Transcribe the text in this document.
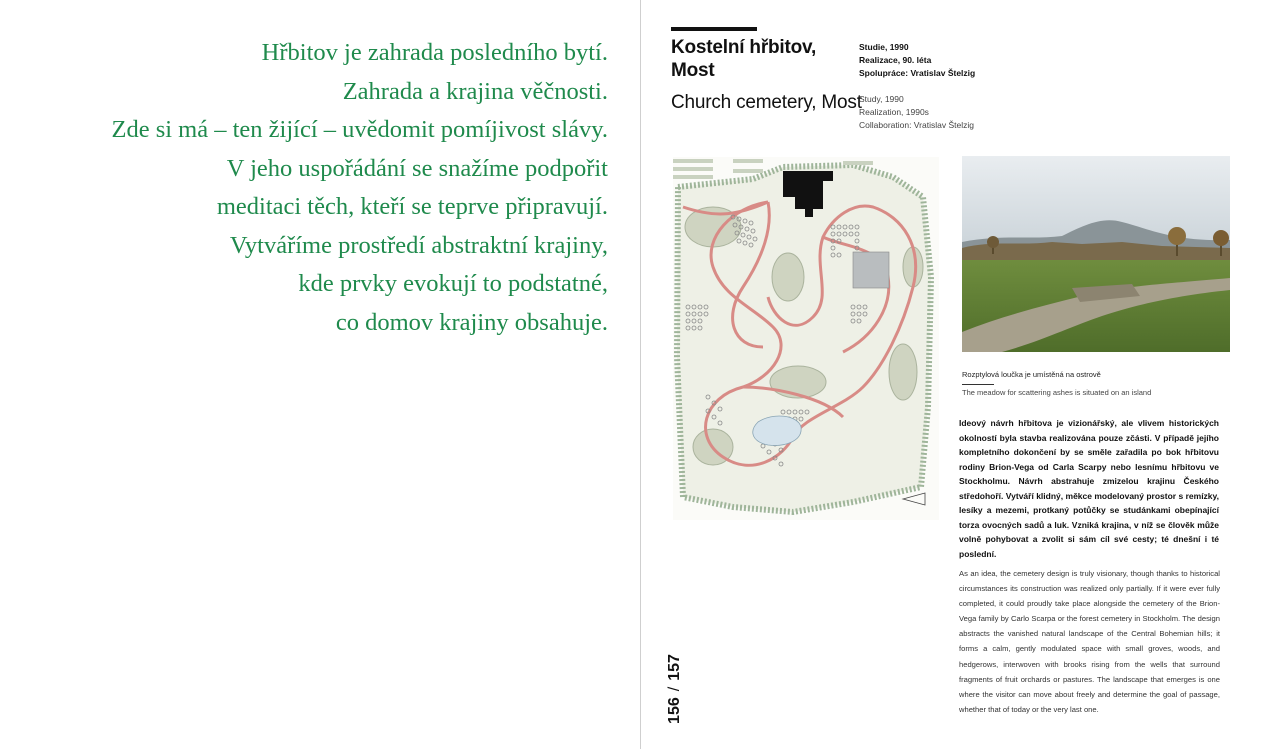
Hřbitov je zahrada posledního bytí.
Zahrada a krajina věčnosti.
Zde si má – ten žijící – uvědomit pomíjivost slávy.
V jeho uspořádání se snažíme podpořit
meditaci těch, kteří se teprve připravují.
Vytváříme prostředí abstraktní krajiny,
kde prvky evokují to podstatné,
co domov krajiny obsahuje.
Kostelní hřbitov, Most
Church cemetery, Most
Studie, 1990
Realizace, 90. léta
Spolupráce: Vratislav Štelzig
Study, 1990
Realization, 1990s
Collaboration: Vratislav Štelzig
Rozptylová loučka je umístěná na ostrově
The meadow for scattering ashes is situated on an island
Ideový návrh hřbitova je vizionářský, ale vlivem historických okolností byla stavba realizována pouze zčásti. V případě jejího kompletního dokončení by se směle zařadila po bok hřbitovu rodiny Brion-Vega od Carla Scarpy nebo lesnímu hřbitovu ve Stockholmu. Návrh abstrahuje zmizelou krajinu Českého středohoří. Vytváří klidný, měkce modelovaný prostor s remízky, lesíky a mezemi, protkaný potůčky se studánkami obepínající torza ovocných sadů a luk. Vzniká krajina, v níž se člověk může volně pohybovat a zvolit si sám cíl své cesty; té dnešní i té poslední.
As an idea, the cemetery design is truly visionary, though thanks to historical circumstances its construction was realized only partially. If it were ever fully completed, it could proudly take place alongside the cemetery of the Brion-Vega family by Carlo Scarpa or the forest cemetery in Stockholm. The design abstracts the vanished natural landscape of the Central Bohemian hills; it forms a calm, gently modulated space with small groves, woods, and hedgerows, interwoven with brooks rising from the wells that surround fragments of fruit orchards or pastures. The landscape that emerges is one where the visitor can move about freely and determine the goal of passage, whether that of today or the very last one.
156/157
